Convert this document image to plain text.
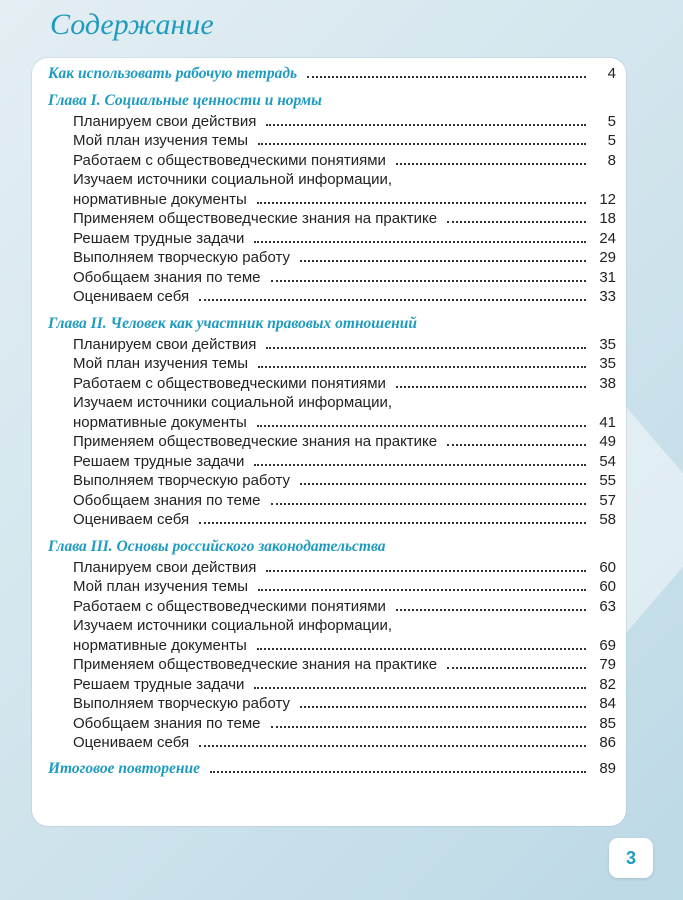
Содержание
Как использовать рабочую тетрадь	4
Глава I. Социальные ценности и нормы
Планируем свои действия	5
Мой план изучения темы	5
Работаем с обществоведческими понятиями	8
Изучаем источники социальной информации,
нормативные документы	12
Применяем обществоведческие знания на практике	18
Решаем трудные задачи	24
Выполняем творческую работу	29
Обобщаем знания по теме	31
Оцениваем себя	33
Глава II. Человек как участник правовых отношений
Планируем свои действия	35
Мой план изучения темы	35
Работаем с обществоведческими понятиями	38
Изучаем источники социальной информации,
нормативные документы	41
Применяем обществоведческие знания на практике	49
Решаем трудные задачи	54
Выполняем творческую работу	55
Обобщаем знания по теме	57
Оцениваем себя	58
Глава III. Основы российского законодательства
Планируем свои действия	60
Мой план изучения темы	60
Работаем с обществоведческими понятиями	63
Изучаем источники социальной информации,
нормативные документы	69
Применяем обществоведческие знания на практике	79
Решаем трудные задачи	82
Выполняем творческую работу	84
Обобщаем знания по теме	85
Оцениваем себя	86
Итоговое повторение	89
3
